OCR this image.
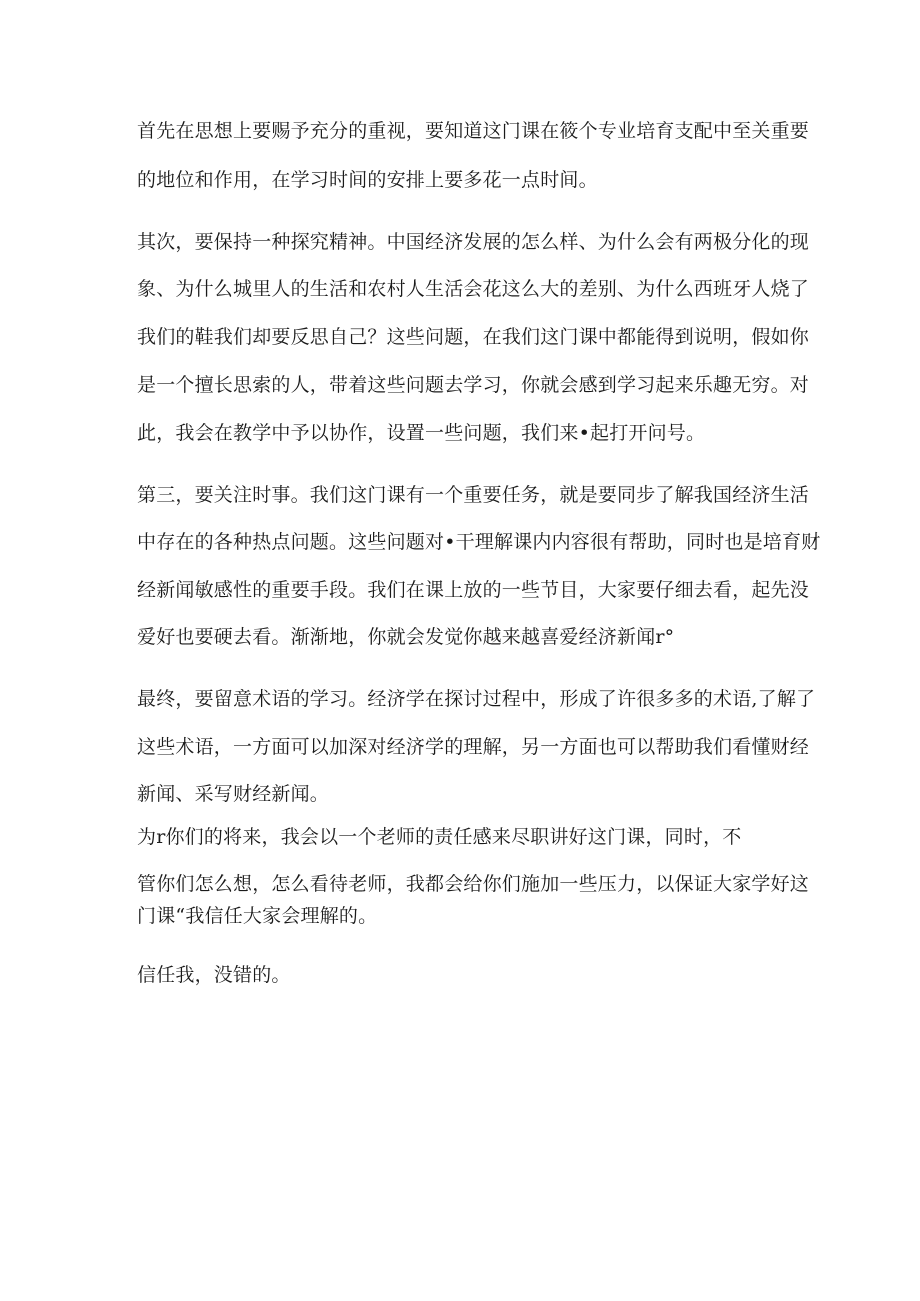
首先在思想上要赐予充分的重视，要知道这门课在筱个专业培育支配中至关重要
的地位和作用，在学习时间的安排上要多花一点时间。
其次，要保持一种探究精神。中国经济发展的怎么样、为什么会有两极分化的现
象、为什么城里人的生活和农村人生活会花这么大的差别、为什么西班牙人烧了
我们的鞋我们却要反思自己？这些问题，在我们这门课中都能得到说明，假如你
是一个擅长思索的人，带着这些问题去学习，你就会感到学习起来乐趣无穷。对
此，我会在教学中予以协作，设置一些问题，我们来•起打开问号。
第三，要关注时事。我们这门课有一个重要任务，就是要同步了解我国经济生活
中存在的各种热点问题。这些问题对•干理解课内内容很有帮助，同时也是培育财
经新闻敏感性的重要手段。我们在课上放的一些节目，大家要仔细去看，起先没
爱好也要硬去看。渐渐地，你就会发觉你越来越喜爱经济新闻r°
最终，要留意术语的学习。经济学在探讨过程中，形成了许很多多的术语,了解了
这些术语，一方面可以加深对经济学的理解，另一方面也可以帮助我们看懂财经
新闻、采写财经新闻。
为r你们的将来，我会以一个老师的责任感来尽职讲好这门课，同时，不
管你们怎么想，怎么看待老师，我都会给你们施加一些压力，以保证大家学好这
门课“我信任大家会理解的。
信任我，没错的。
